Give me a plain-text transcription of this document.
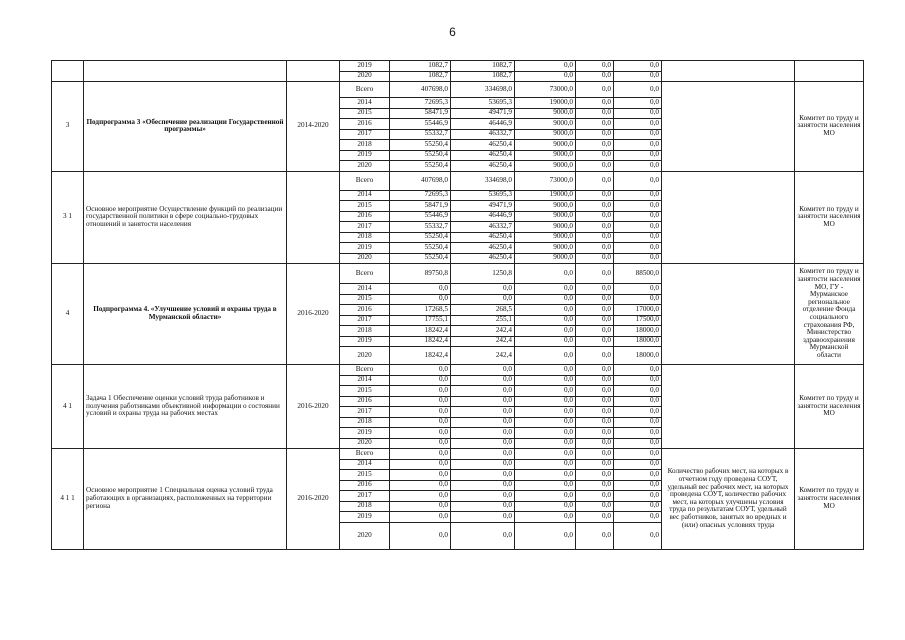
6
			2019	1082,7	1082,7	0,0	0,0	0,0		
			2020	1082,7	1082,7	0,0	0,0	0,0		
3	Подпрограмма 3 «Обеспечение реализации Государственной программы»	2014-2020	Всего	407698,0	334698,0	73000,0	0,0	0,0		Комитет по труду и занятости населения МО
			2014	72695,3	53695,3	19000,0	0,0	0,0		
			2015	58471,9	49471,9	9000,0	0,0	0,0		
			2016	55446,9	46446,9	9000,0	0,0	0,0		
			2017	55332,7	46332,7	9000,0	0,0	0,0		
			2018	55250,4	46250,4	9000,0	0,0	0,0		
			2019	55250,4	46250,4	9000,0	0,0	0,0		
			2020	55250,4	46250,4	9000,0	0,0	0,0		
3 1	Основное мероприятие Осуществление функций по реализации государственной политики в сфере социально-трудовых отношений и занятости населения		Всего	407698,0	334698,0	73000,0	0,0	0,0		Комитет по труду и занятости населения МО
			2014	72695,3	53695,3	19000,0	0,0	0,0		
			2015	58471,9	49471,9	9000,0	0,0	0,0		
			2016	55446,9	46446,9	9000,0	0,0	0,0		
			2017	55332,7	46332,7	9000,0	0,0	0,0		
			2018	55250,4	46250,4	9000,0	0,0	0,0		
			2019	55250,4	46250,4	9000,0	0,0	0,0		
			2020	55250,4	46250,4	9000,0	0,0	0,0		
4	Подпрограмма 4. «Улучшение условий и охраны труда в Мурманской области»	2016-2020	Всего	89750,8	1250,8	0,0	0,0	88500,0		Комитет по труду и занятости населения МО, ГУ - Мурманское региональное отделение Фонда социального страхования РФ, Министерство здравоохранения Мурманской области
			2014	0,0	0,0	0,0	0,0	0,0		
			2015	0,0	0,0	0,0	0,0	0,0		
			2016	17268,5	268,5	0,0	0,0	17000,0		
			2017	17755,1	255,1	0,0	0,0	17500,0		
			2018	18242,4	242,4	0,0	0,0	18000,0		
			2019	18242,4	242,4	0,0	0,0	18000,0		
			2020	18242,4	242,4	0,0	0,0	18000,0		
4 1	Задача 1 Обеспечение оценки условий труда работников и получения работниками объективной информации о состоянии условий и охраны труда на рабочих местах	2016-2020	Всего	0,0	0,0	0,0	0,0	0,0		Комитет по труду и занятости населения МО
			2014	0,0	0,0	0,0	0,0	0,0		
			2015	0,0	0,0	0,0	0,0	0,0		
			2016	0,0	0,0	0,0	0,0	0,0		
			2017	0,0	0,0	0,0	0,0	0,0		
			2018	0,0	0,0	0,0	0,0	0,0		
			2019	0,0	0,0	0,0	0,0	0,0		
			2020	0,0	0,0	0,0	0,0	0,0		
4 1 1	Основное мероприятие 1 Специальная оценка условий труда работающих в организациях, расположенных на территории региона	2016-2020	Всего	0,0	0,0	0,0	0,0	0,0	Количество рабочих мест, на которых в отчетном году проведена СОУТ, удельный вес рабочих мест, на которых проведена СОУТ, количество рабочих мест, на которых улучшены условия труда по результатам СОУТ, удельный вес работников, занятых во вредных и (или) опасных условиях труда	Комитет по труду и занятости населения МО
			2014	0,0	0,0	0,0	0,0	0,0		
			2015	0,0	0,0	0,0	0,0	0,0		
			2016	0,0	0,0	0,0	0,0	0,0		
			2017	0,0	0,0	0,0	0,0	0,0		
			2018	0,0	0,0	0,0	0,0	0,0		
			2019	0,0	0,0	0,0	0,0	0,0		
			2020	0,0	0,0	0,0	0,0	0,0		
